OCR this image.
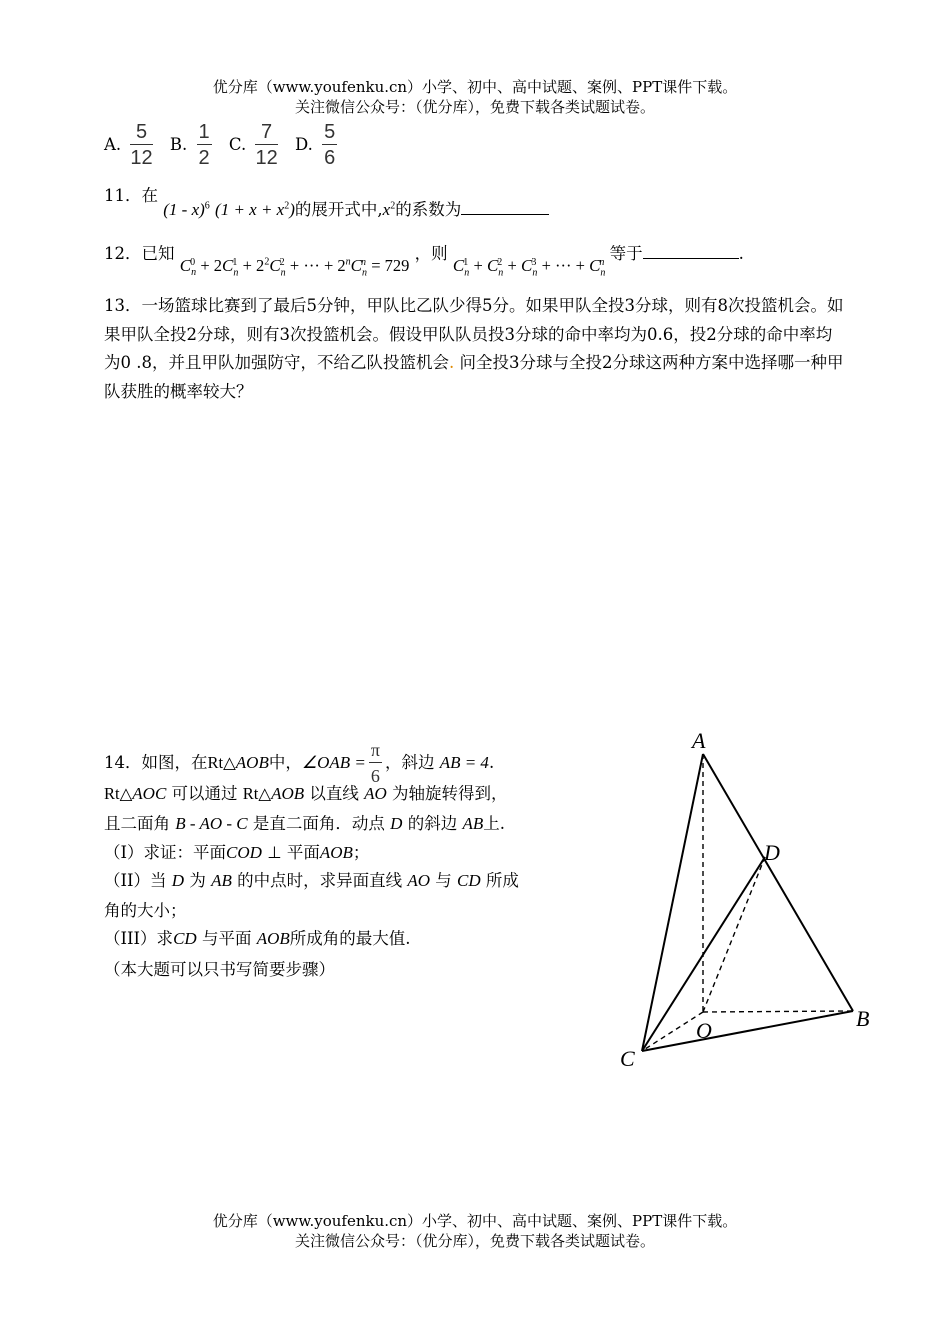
优分库（www.youfenku.cn）小学、初中、高中试题、案例、PPT课件下载。
关注微信公众号：（优分库），免费下载各类试题试卷。
A. $\frac{5}{12} B$. $\frac{1}{2} C$. $\frac{7}{12} D$. $\frac{5}{6}$
11．在 (1 - x)$^6$ $(1 + x + x^2)$的展开式中$,x^2$的系数为
12．已知 $C_n^0 + 2C_n^1 + 2^2C_n^2$ + ··· + $2^nC_n^n = 729$ ，则 $C_n^1 + C_n^2 + C_n^3$ + ··· + $C_n^n$ 等于	.
13．一场篮球比赛到了最后5分钟，甲队比乙队少得5分。如果甲队全投3分球，则有8次投篮机会。如果甲队全投2分球，则有3次投篮机会。假设甲队队员投3分球的命中率均为0.6，投2分球的命中率均为0 .8，并且甲队加强防守，不给乙队投篮机会. 问全投3分球与全投2分球这两种方案中选择哪一种甲队获胜的概率较大？
14．如图，在Rt△AOB中，∠OAB = $\frac{\pi}{6}$ ，斜边 AB = 4.
Rt△AOC 可以通过 Rt△AOB 以直线 AO 为轴旋转得到，
且二面角 B - AO - C 是直二面角．动点 D 的斜边 AB上.
（I）求证：平面COD ⊥ 平面AOB；
（II）当 D 为 AB 的中点时，求异面直线 AO 与 CD 所成
角的大小；
（III）求CD 与平面 AOB所成角的最大值.
（本大题可以只书写简要步骤）
A
D
O	B
C
优分库（www.youfenku.cn）小学、初中、高中试题、案例、PPT课件下载。
关注微信公众号：（优分库），免费下载各类试题试卷。
